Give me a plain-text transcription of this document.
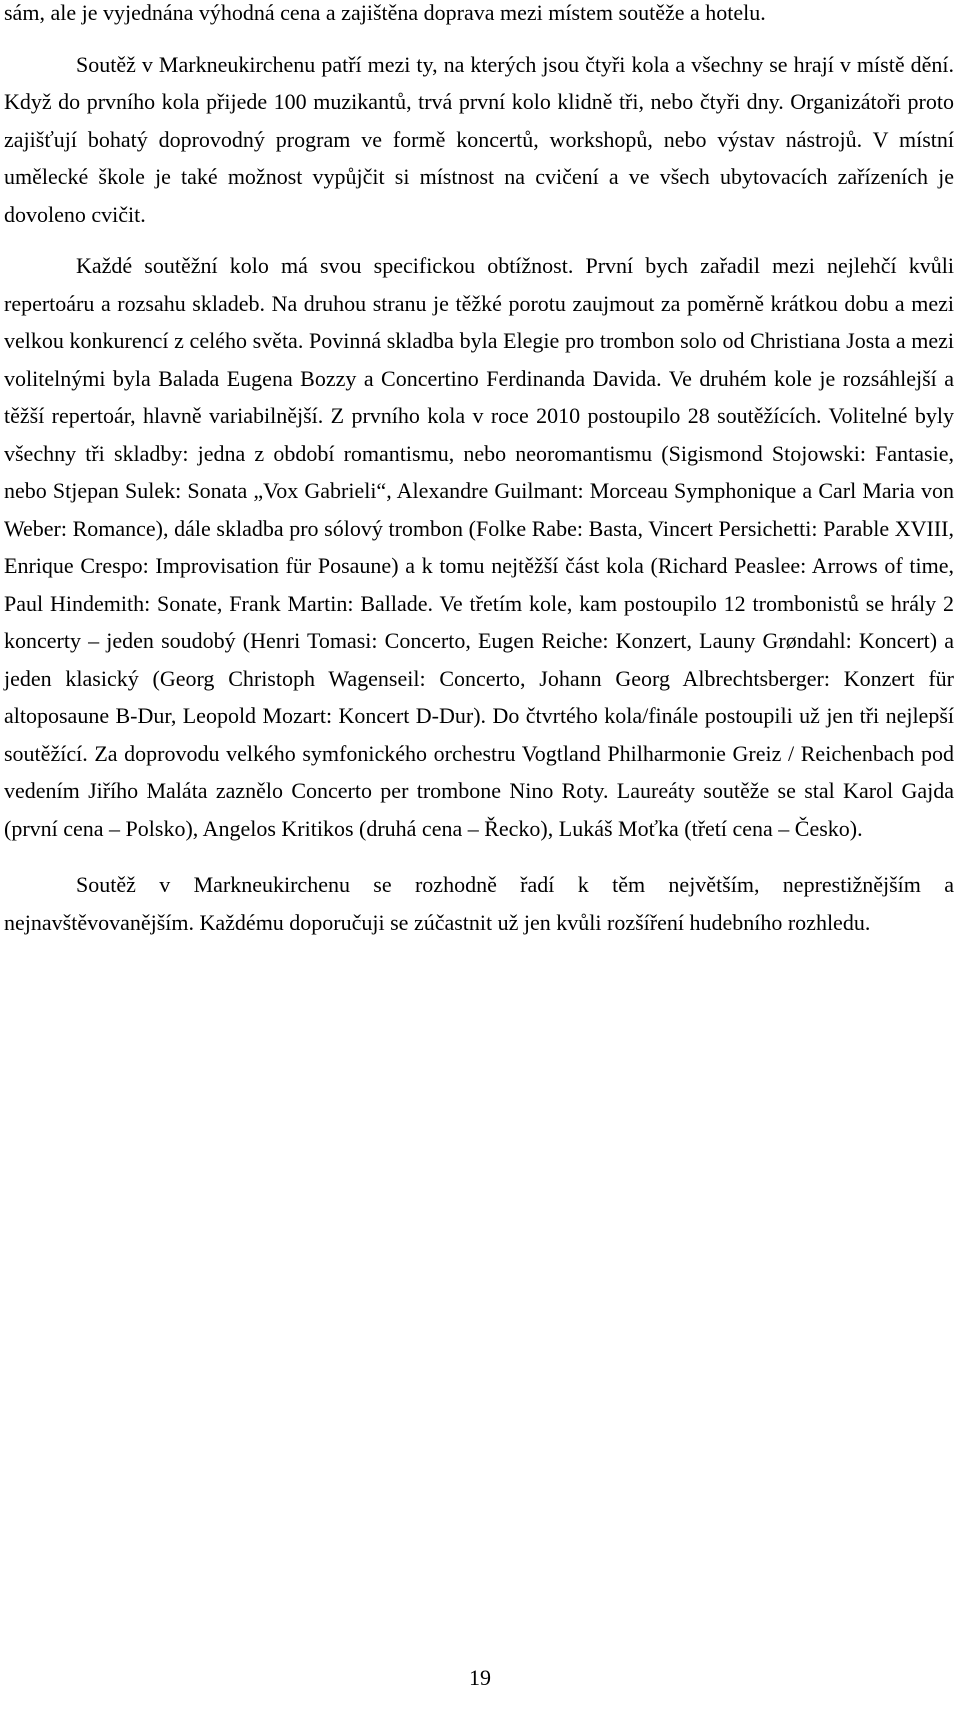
sám, ale je vyjednána výhodná cena a zajištěna doprava mezi místem soutěže a hotelu.

Soutěž v Markneukirchenu patří mezi ty, na kterých jsou čtyři kola a všechny se hrají v místě dění. Když do prvního kola přijede 100 muzikantů, trvá první kolo klidně tři, nebo čtyři dny. Organizátoři proto zajišťují bohatý doprovodný program ve formě koncertů, workshopů, nebo výstav nástrojů. V místní umělecké škole je také možnost vypůjčit si místnost na cvičení a ve všech ubytovacích zařízeních je dovoleno cvičit.

Každé soutěžní kolo má svou specifickou obtížnost. První bych zařadil mezi nejlehčí kvůli repertoáru a rozsahu skladeb. Na druhou stranu je těžké porotu zaujmout za poměrně krátkou dobu a mezi velkou konkurencí z celého světa. Povinná skladba byla Elegie pro trombon solo od Christiana Josta a mezi volitelnými byla Balada Eugena Bozzy a Concertino Ferdinanda Davida. Ve druhém kole je rozsáhlejší a těžší repertoár, hlavně variabilnější. Z prvního kola v roce 2010 postoupilo 28 soutěžících. Volitelné byly všechny tři skladby: jedna z období romantismu, nebo neoromantismu (Sigismond Stojowski: Fantasie, nebo Stjepan Sulek: Sonata „Vox Gabrieli“, Alexandre Guilmant: Morceau Symphonique a Carl Maria von Weber: Romance), dále skladba pro sólový trombon (Folke Rabe: Basta, Vincert Persichetti: Parable XVIII, Enrique Crespo: Improvisation für Posaune) a k tomu nejtěžší část kola (Richard Peaslee: Arrows of time, Paul Hindemith: Sonate, Frank Martin: Ballade. Ve třetím kole, kam postoupilo 12 trombonistů se hrály 2 koncerty – jeden soudobý (Henri Tomasi: Concerto, Eugen Reiche: Konzert, Launy Grøndahl: Koncert) a jeden klasický (Georg Christoph Wagenseil: Concerto, Johann Georg Albrechtsberger: Konzert für altoposaune B-Dur, Leopold Mozart: Koncert D-Dur). Do čtvrtého kola/finále postoupili už jen tři nejlepší soutěžící. Za doprovodu velkého symfonického orchestru Vogtland Philharmonie Greiz / Reichenbach pod vedením Jiřího Maláta zaznělo Concerto per trombone Nino Roty. Laureáty soutěže se stal Karol Gajda (první cena – Polsko), Angelos Kritikos (druhá cena – Řecko), Lukáš Moťka (třetí cena – Česko).

Soutěž v Markneukirchenu se rozhodně řadí k těm největším, neprestižnějším a nejnavštěvovanějším. Každému doporučuji se zúčastnit už jen kvůli rozšíření hudebního rozhledu.

19
